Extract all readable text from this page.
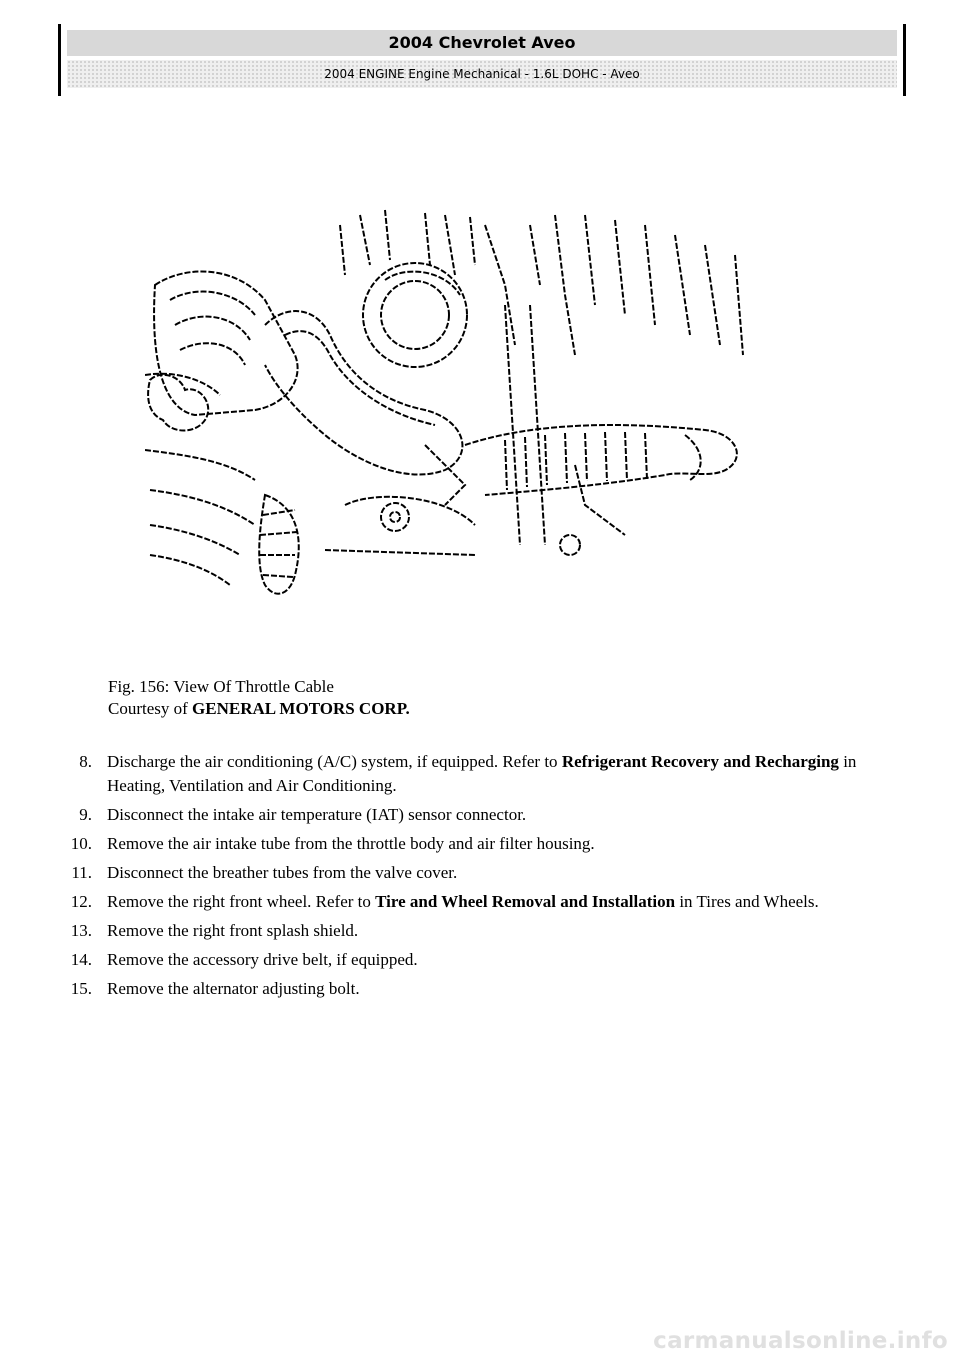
2004 Chevrolet Aveo
2004 ENGINE Engine Mechanical - 1.6L DOHC - Aveo
Fig. 156: View Of Throttle Cable
Courtesy of GENERAL MOTORS CORP.
8. Discharge the air conditioning (A/C) system, if equipped. Refer to Refrigerant Recovery and Recharging in Heating, Ventilation and Air Conditioning.
9. Disconnect the intake air temperature (IAT) sensor connector.
10. Remove the air intake tube from the throttle body and air filter housing.
11. Disconnect the breather tubes from the valve cover.
12. Remove the right front wheel. Refer to Tire and Wheel Removal and Installation in Tires and Wheels.
13. Remove the right front splash shield.
14. Remove the accessory drive belt, if equipped.
15. Remove the alternator adjusting bolt.
carmanualsonline.info
